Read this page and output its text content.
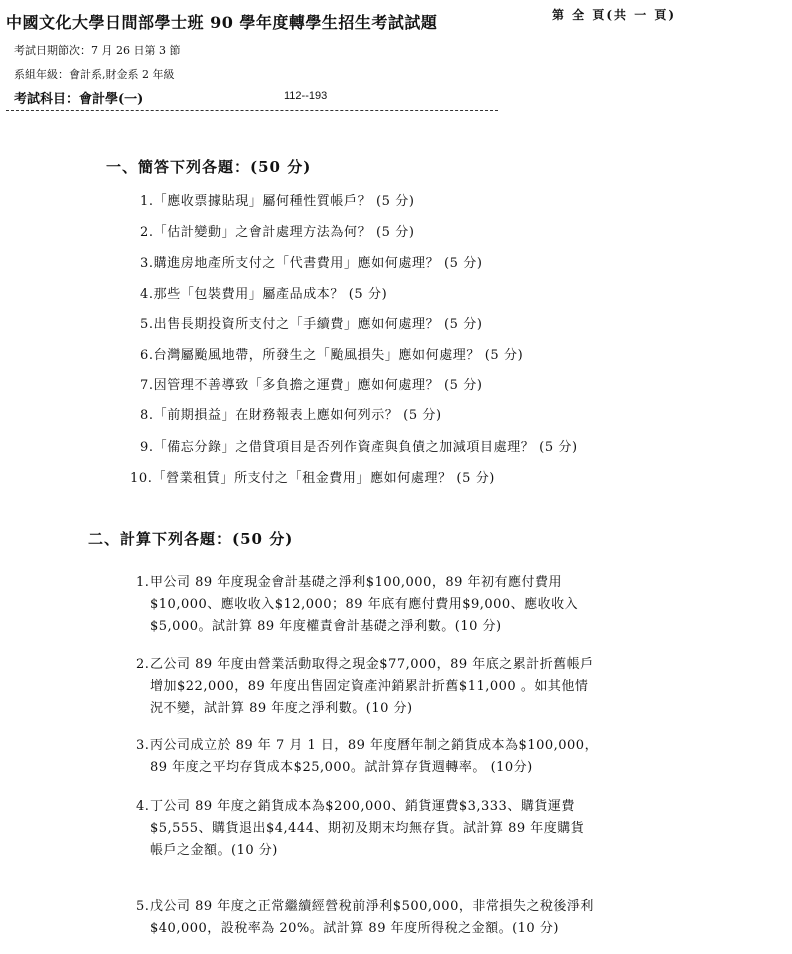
中國文化大學日間部學士班 90 學年度轉學生招生考試試題	第 全 頁(共 一 頁)
考試日期節次：7 月 26 日第 3 節
系組年級：會計系,財金系 2 年級
考試科目：會計學(一)	112--193
一、簡答下列各題：(50 分)
1.「應收票據貼現」屬何種性質帳戶？ (5 分)
2.「估計變動」之會計處理方法為何？ (5 分)
3.購進房地產所支付之「代書費用」應如何處理？ (5 分)
4.那些「包裝費用」屬產品成本？ (5 分)
5.出售長期投資所支付之「手續費」應如何處理？ (5 分)
6.台灣屬颱風地帶，所發生之「颱風損失」應如何處理？ (5 分)
7.因管理不善導致「多負擔之運費」應如何處理？ (5 分)
8.「前期損益」在財務報表上應如何列示？ (5 分)
9.「備忘分錄」之借貸項目是否列作資產與負債之加減項目處理？ (5 分)
10.「營業租賃」所支付之「租金費用」應如何處理？ (5 分)
二、計算下列各題：(50 分)
1. 甲公司 89 年度現金會計基礎之淨利$100,000，89 年初有應付費用
$10,000、應收收入$12,000；89 年底有應付費用$9,000、應收收入
$5,000。試計算 89 年度權責會計基礎之淨利數。(10 分)
2. 乙公司 89 年度由營業活動取得之現金$77,000，89 年底之累計折舊帳戶
增加$22,000，89 年度出售固定資產沖銷累計折舊$11,000 。如其他情
況不變，試計算 89 年度之淨利數。(10 分)
3. 丙公司成立於 89 年 7 月 1 日，89 年度曆年制之銷貨成本為$100,000，
89 年度之平均存貨成本$25,000。試計算存貨週轉率。 (10分)
4. 丁公司 89 年度之銷貨成本為$200,000、銷貨運費$3,333、購貨運費
$5,555、購貨退出$4,444、期初及期末均無存貨。試計算 89 年度購貨
帳戶之金額。(10 分)
5. 戊公司 89 年度之正常繼續經營稅前淨利$500,000，非常損失之稅後淨利
$40,000，設稅率為 20%。試計算 89 年度所得稅之金額。(10 分)
